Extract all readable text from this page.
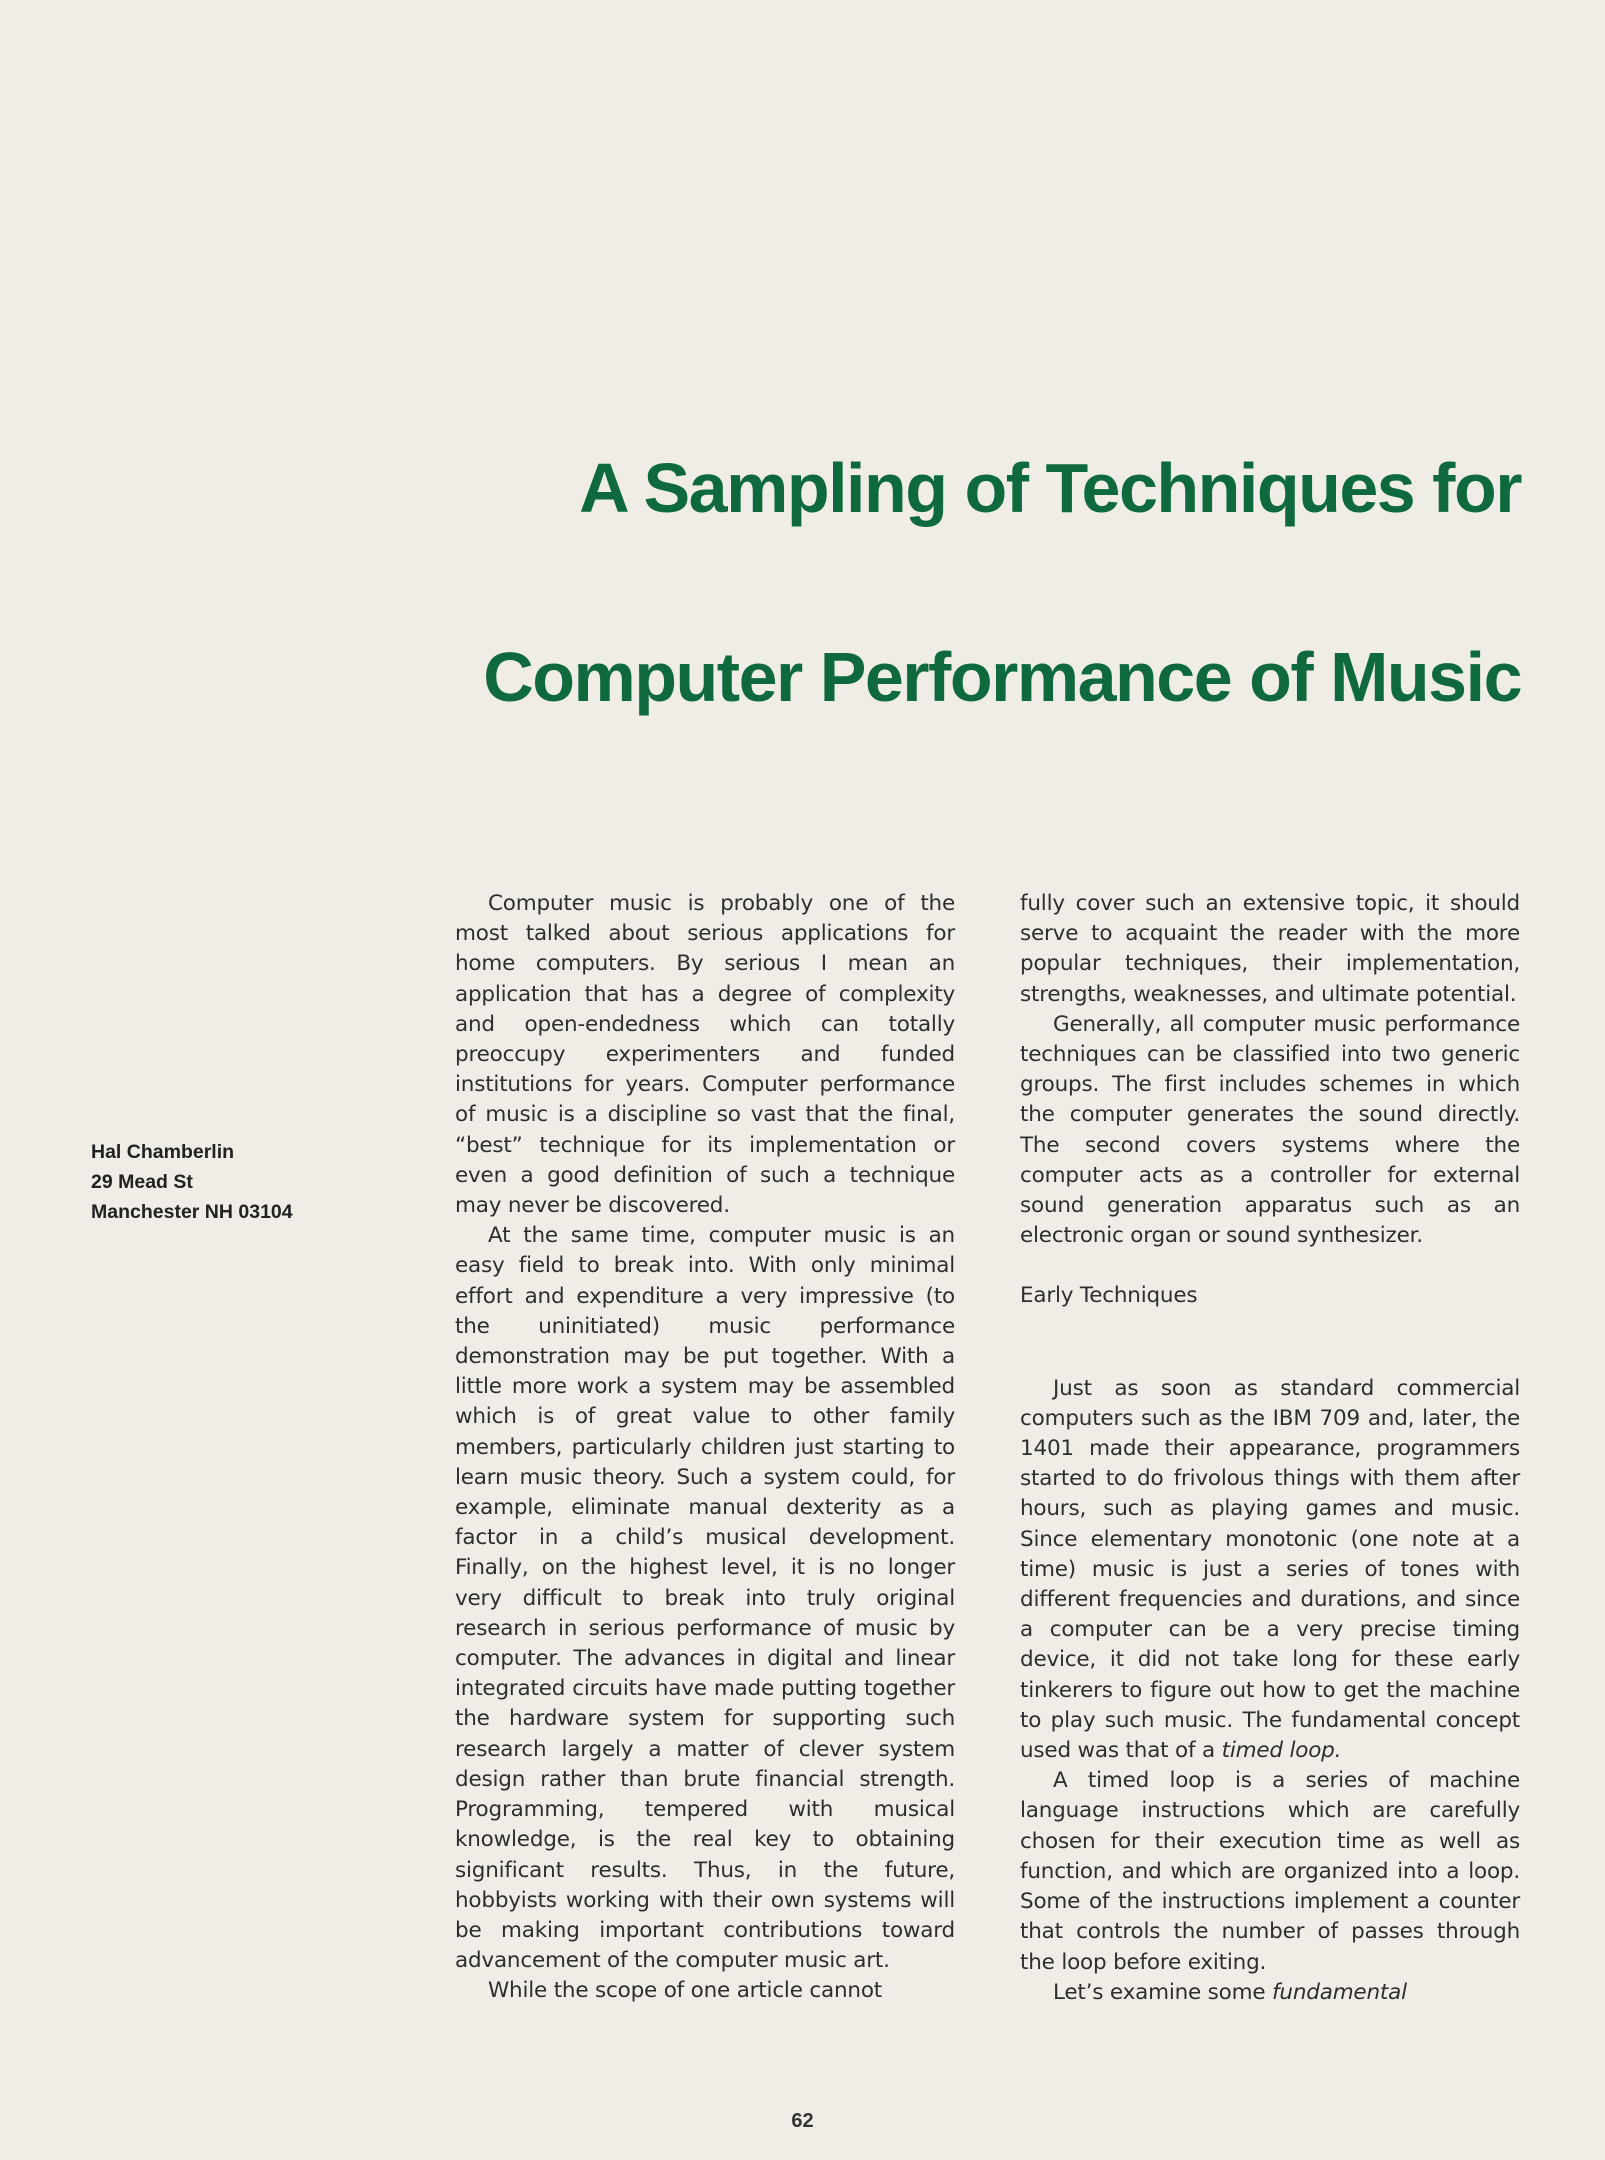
A Sampling of Techniques for
Computer Performance of Music
Hal Chamberlin
29 Mead St
Manchester NH 03104

Computer music is probably one of the most talked about serious applications for home computers. By serious I mean an application that has a degree of complexity and open-endedness which can totally preoccupy experimenters and funded institutions for years. Computer performance of music is a discipline so vast that the final, “best” technique for its implementation or even a good definition of such a technique may never be discovered.

At the same time, computer music is an easy field to break into. With only minimal effort and expenditure a very impressive (to the uninitiated) music performance demonstration may be put together. With a little more work a system may be assembled which is of great value to other family members, particularly children just starting to learn music theory. Such a system could, for example, eliminate manual dexterity as a factor in a child’s musical development. Finally, on the highest level, it is no longer very difficult to break into truly original research in serious performance of music by computer. The advances in digital and linear integrated circuits have made putting together the hardware system for supporting such research largely a matter of clever system design rather than brute financial strength. Programming, tempered with musical knowledge, is the real key to obtaining significant results. Thus, in the future, hobbyists working with their own systems will be making important contributions toward advancement of the computer music art.

While the scope of one article cannot

fully cover such an extensive topic, it should serve to acquaint the reader with the more popular techniques, their implementation, strengths, weaknesses, and ultimate potential.

Generally, all computer music performance techniques can be classified into two generic groups. The first includes schemes in which the computer generates the sound directly. The second covers systems where the computer acts as a controller for external sound generation apparatus such as an electronic organ or sound synthesizer.

Early Techniques

Just as soon as standard commercial computers such as the IBM 709 and, later, the 1401 made their appearance, programmers started to do frivolous things with them after hours, such as playing games and music. Since elementary monotonic (one note at a time) music is just a series of tones with different frequencies and durations, and since a computer can be a very precise timing device, it did not take long for these early tinkerers to figure out how to get the machine to play such music. The fundamental concept used was that of a timed loop.

A timed loop is a series of machine language instructions which are carefully chosen for their execution time as well as function, and which are organized into a loop. Some of the instructions implement a counter that controls the number of passes through the loop before exiting.

Let’s examine some fundamental

62
